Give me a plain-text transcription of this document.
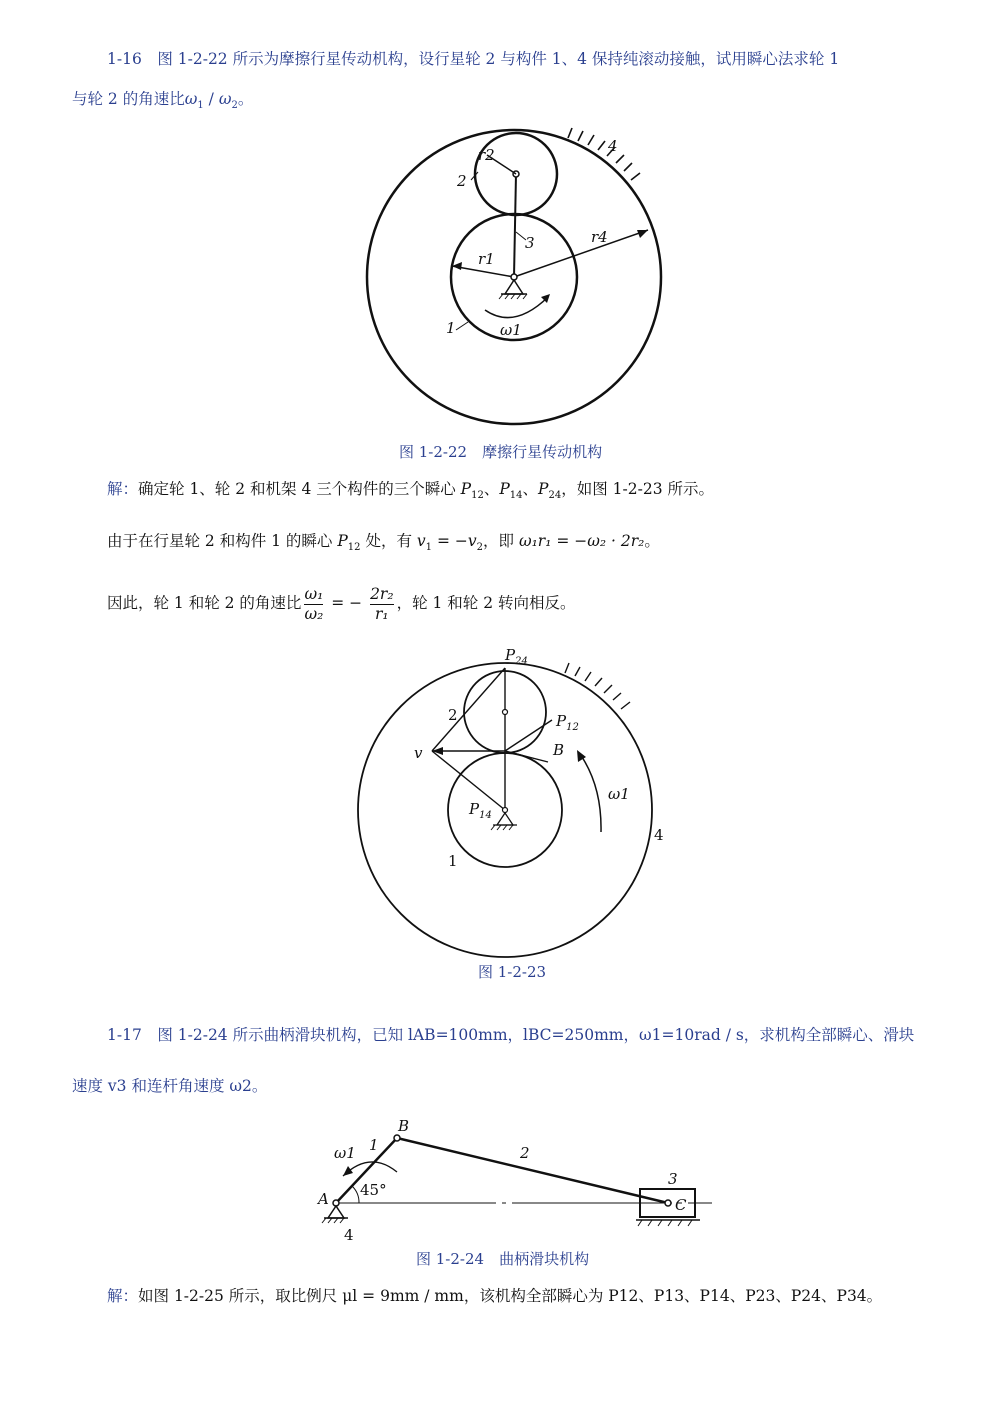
1-16　图 1-2-22 所示为摩擦行星传动机构，设行星轮 2 与构件 1、4 保持纯滚动接触，试用瞬心法求轮 1
与轮 2 的角速比$\omega_1 / \omega_2$。
r2
2
3	r4
4
r1
1	ω1
图 1-2-22　摩擦行星传动机构
解：确定轮 1、轮 2 和机架 4 三个构件的三个瞬心 $P_{12}$、$P_{14}$、$P_{24}$，如图 1-2-23 所示。
由于在行星轮 2 和构件 1 的瞬心 $P_{12}$ 处，有 $v_1 = -v_2$，即 ω₁r₁ = −ω₂ · 2r₂。
因此，轮 1 和轮 2 的角速比 $\frac{\text{ω₁}}{\text{ω₂}}$ = − $\frac{\text{2r₂}}{\text{r₁}}$ ，轮 1 和轮 2 转向相反。
$P_{24}$
2	$P_{12}$
v	B
ω1
4
$P_{14}$
1
图 1-2-23
1-17　图 1-2-24 所示曲柄滑块机构，已知 lAB=100mm，lBC=250mm，ω1=10rad / s，求机构全部瞬心、滑块
速度 v3 和连杆角速度 ω2。
ω1 1
B
2
3
45°
A	C
4
图 1-2-24　曲柄滑块机构
解：如图 1-2-25 所示，取比例尺 μl = 9mm / mm，该机构全部瞬心为 P12、P13、P14、P23、P24、P34。
